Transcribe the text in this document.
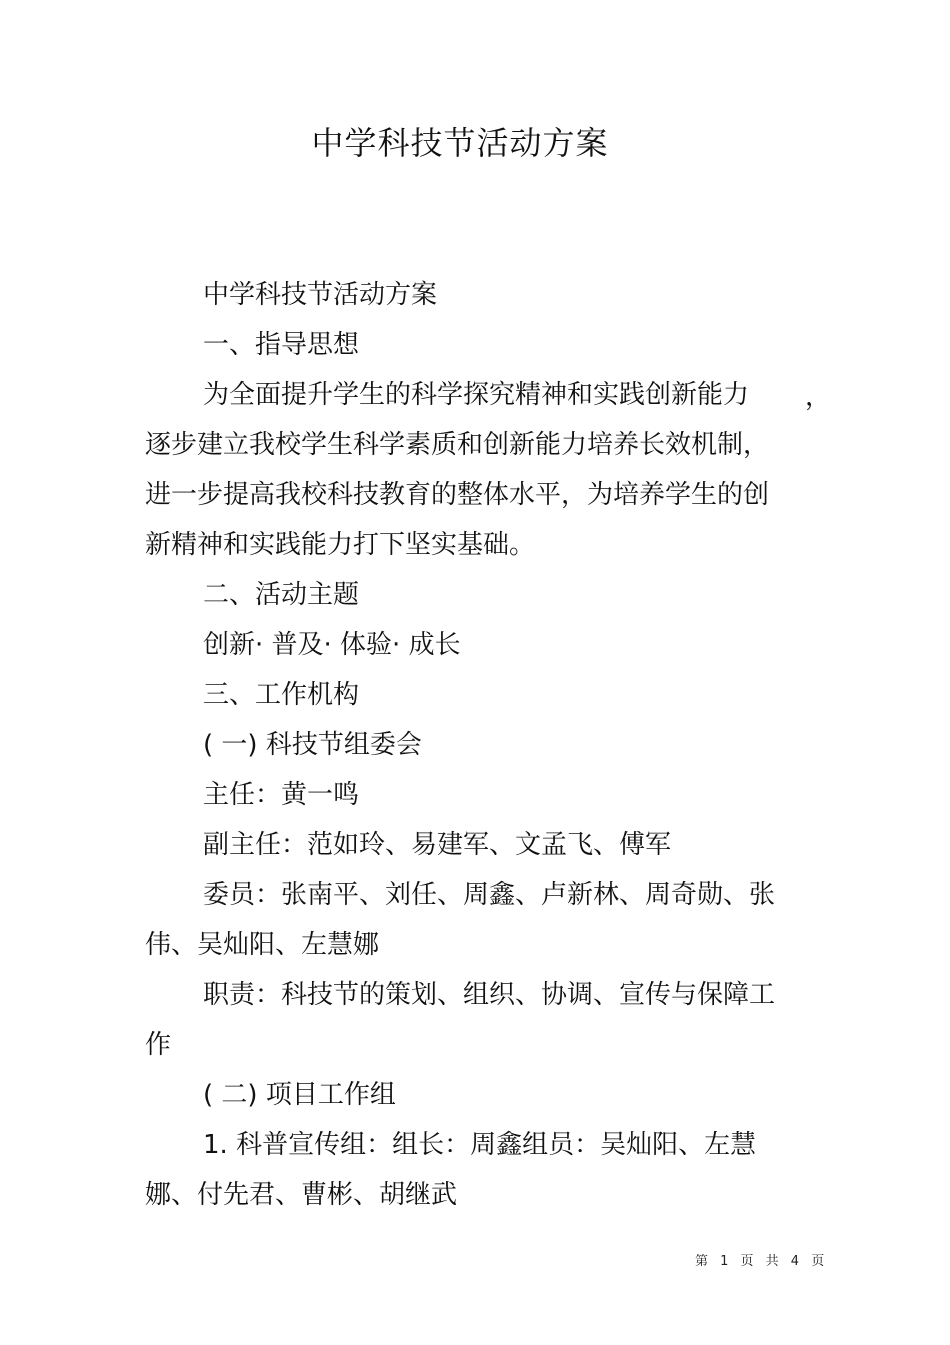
中学科技节活动方案

中学科技节活动方案

一、指导思想

为全面提升学生的科学探究精神和实践创新能力

逐步建立我校学生科学素质和创新能力培养长效机制，进一步提高我校科技教育的整体水平，为培养学生的创新精神和实践能力打下坚实基础。

二、活动主题

创新· 普及· 体验· 成长

三、工作机构

( 一) 科技节组委会

主任：黄一鸣

副主任：范如玲、易建军、文孟飞、傅军

委员：张南平、刘任、周鑫、卢新林、周奇勋、张伟、吴灿阳、左慧娜

职责：科技节的策划、组织、协调、宣传与保障工作

( 二) 项目工作组

1. 科普宣传组：组长：周鑫组员：吴灿阳、左慧娜、付先君、曹彬、胡继武

，
第 1 页 共 4 页
